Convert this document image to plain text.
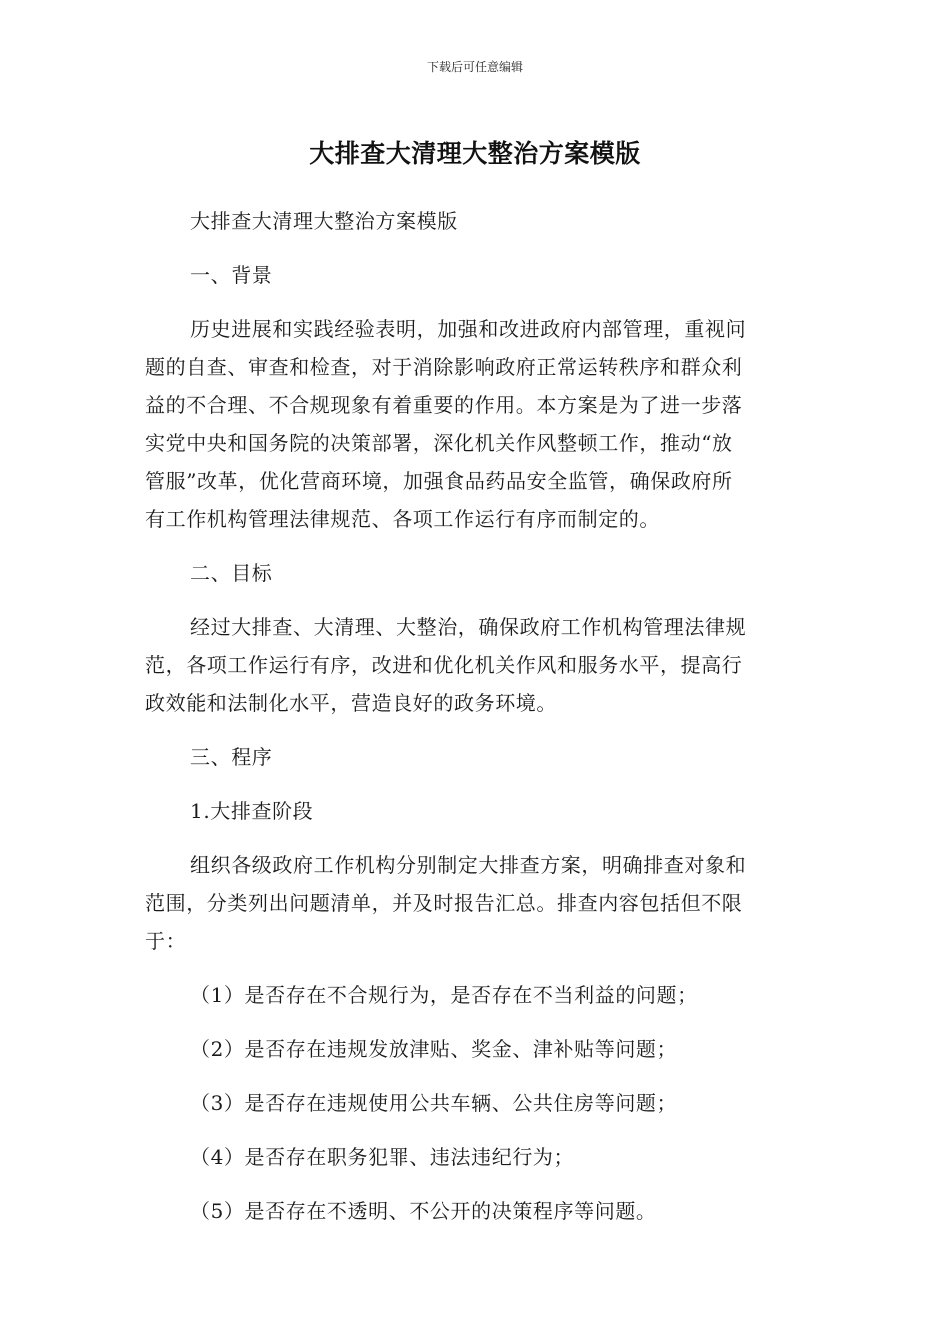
下载后可任意编辑
大排查大清理大整治方案模版
大排查大清理大整治方案模版
一、背景
历史进展和实践经验表明，加强和改进政府内部管理，重视问
题的自查、审查和检查，对于消除影响政府正常运转秩序和群众利
益的不合理、不合规现象有着重要的作用。本方案是为了进一步落
实党中央和国务院的决策部署，深化机关作风整顿工作，推动“放
管服”改革，优化营商环境，加强食品药品安全监管，确保政府所
有工作机构管理法律规范、各项工作运行有序而制定的。
二、目标
经过大排查、大清理、大整治，确保政府工作机构管理法律规
范，各项工作运行有序，改进和优化机关作风和服务水平，提高行
政效能和法制化水平，营造良好的政务环境。
三、程序
1.大排查阶段
组织各级政府工作机构分别制定大排查方案，明确排查对象和
范围，分类列出问题清单，并及时报告汇总。排查内容包括但不限
于：
（1）是否存在不合规行为，是否存在不当利益的问题；
（2）是否存在违规发放津贴、奖金、津补贴等问题；
（3）是否存在违规使用公共车辆、公共住房等问题；
（4）是否存在职务犯罪、违法违纪行为；
（5）是否存在不透明、不公开的决策程序等问题。
